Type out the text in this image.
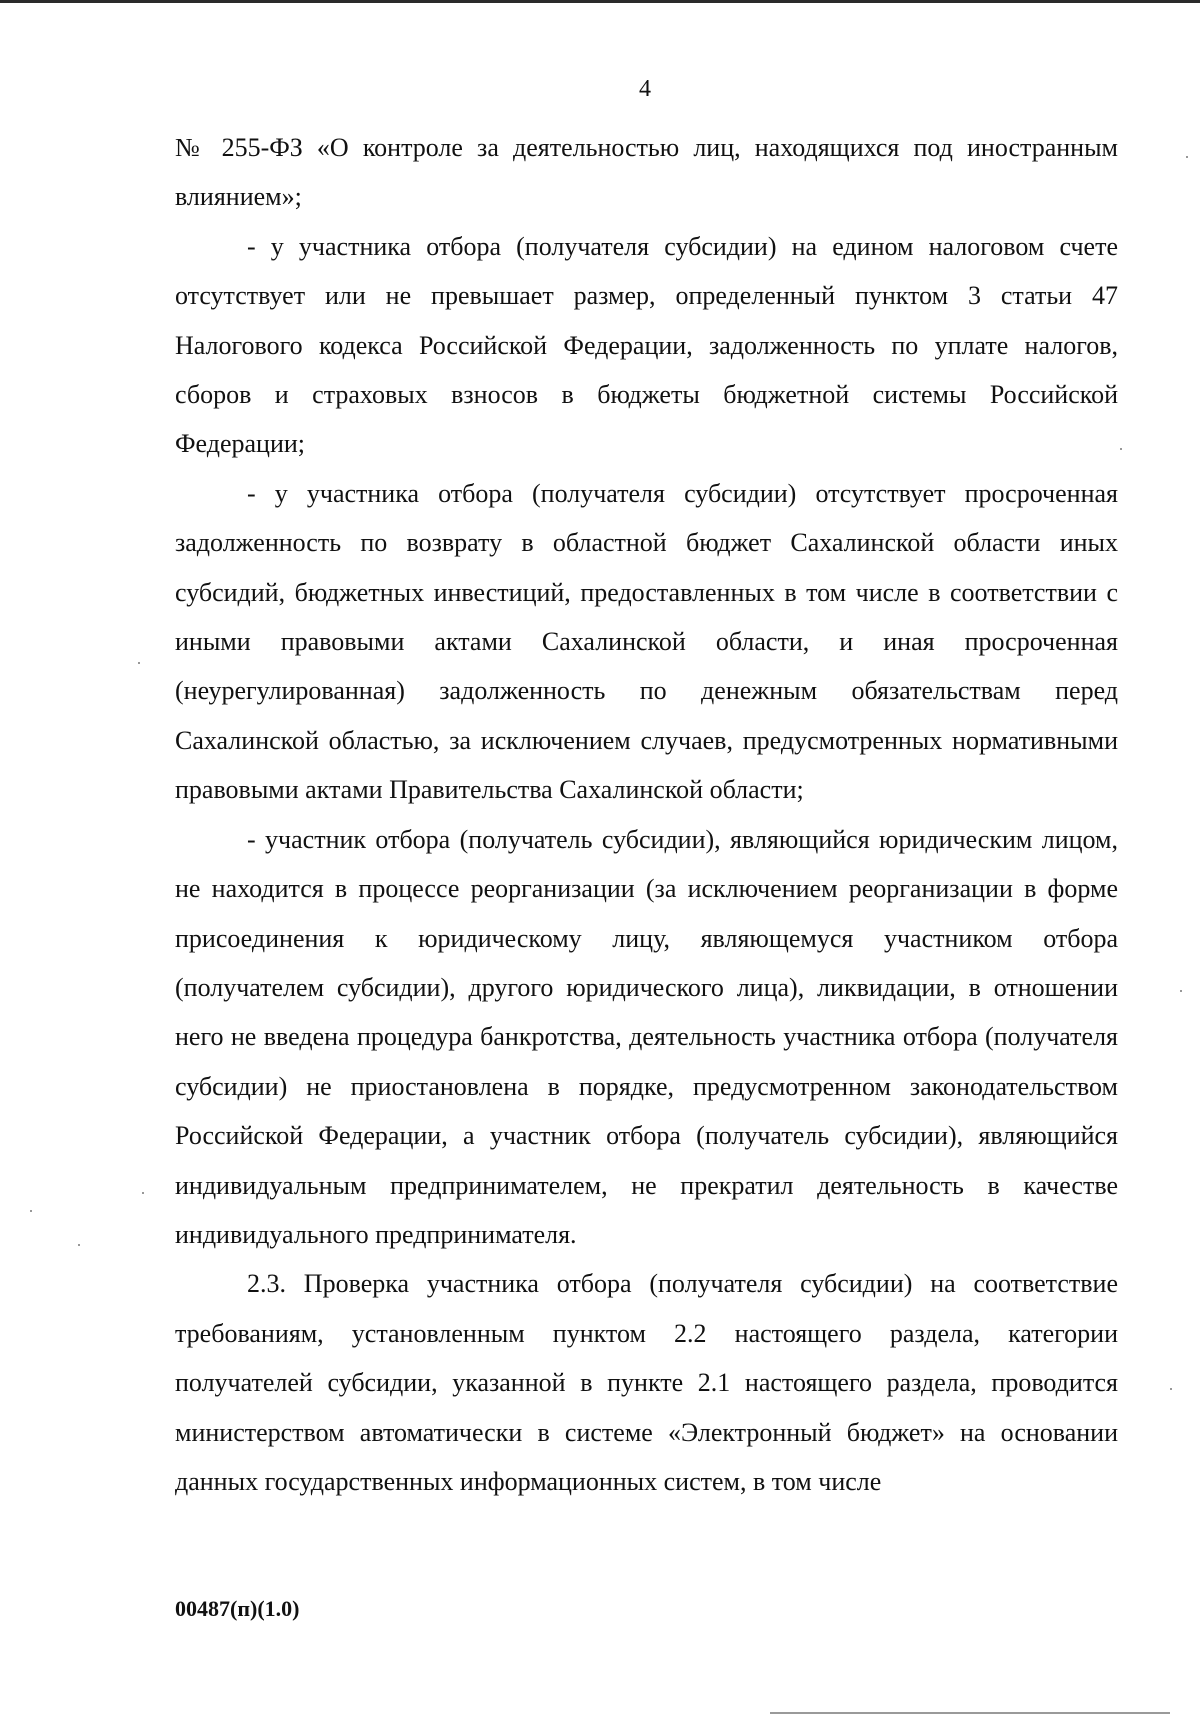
4

№ 255-ФЗ «О контроле за деятельностью лиц, находящихся под иностранным влиянием»;

- у участника отбора (получателя субсидии) на едином налоговом счете отсутствует или не превышает размер, определенный пунктом 3 статьи 47 Налогового кодекса Российской Федерации, задолженность по уплате налогов, сборов и страховых взносов в бюджеты бюджетной системы Российской Федерации;

- у участника отбора (получателя субсидии) отсутствует просроченная задолженность по возврату в областной бюджет Сахалинской области иных субсидий, бюджетных инвестиций, предоставленных в том числе в соответствии с иными правовыми актами Сахалинской области, и иная просроченная (неурегулированная) задолженность по денежным обязательствам перед Сахалинской областью, за исключением случаев, предусмотренных нормативными правовыми актами Правительства Сахалинской области;

- участник отбора (получатель субсидии), являющийся юридическим лицом, не находится в процессе реорганизации (за исключением реорганизации в форме присоединения к юридическому лицу, являющемуся участником отбора (получателем субсидии), другого юридического лица), ликвидации, в отношении него не введена процедура банкротства, деятельность участника отбора (получателя субсидии) не приостановлена в порядке, предусмотренном законодательством Российской Федерации, а участник отбора (получатель субсидии), являющийся индивидуальным предпринимателем, не прекратил деятельность в качестве индивидуального предпринимателя.

2.3. Проверка участника отбора (получателя субсидии) на соответствие требованиям, установленным пунктом 2.2 настоящего раздела, категории получателей субсидии, указанной в пункте 2.1 настоящего раздела, проводится министерством автоматически в системе «Электронный бюджет» на основании данных государственных информационных систем, в том числе

00487(п)(1.0)
